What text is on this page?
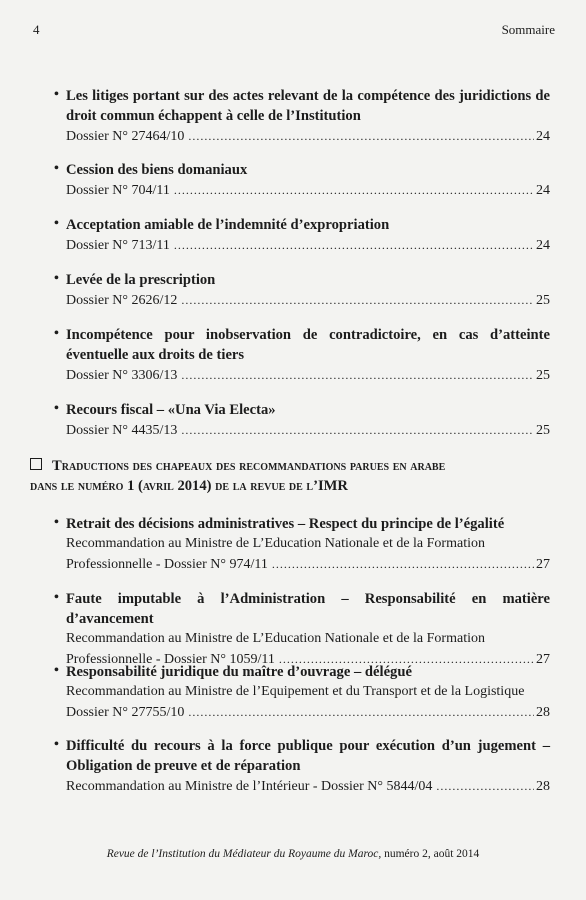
4	Sommaire
• Les litiges portant sur des actes relevant de la compétence des juridictions de droit commun échappent à celle de l’Institution
Dossier N° 27464/10 .....	24
• Cession des biens domaniaux
Dossier N° 704/11 .....	24
• Acceptation amiable de l’indemnité d’expropriation
Dossier N° 713/11 .....	24
• Levée de la prescription
Dossier N° 2626/12 .....	25
• Incompétence pour inobservation de contradictoire, en cas d’atteinte éventuelle aux droits de tiers
Dossier N° 3306/13 .....	25
• Recours fiscal – «Una Via Electa»
Dossier N° 4435/13 .....	25
Traductions des chapeaux des recommandations parues en arabe
dans le numéro 1 (avril 2014) de la revue de l’IMR
• Retrait des décisions administratives – Respect du principe de l’égalité
Recommandation au Ministre de L’Education Nationale et de la Formation
Professionnelle - Dossier N° 974/11 .....	27
• Faute imputable à l’Administration – Responsabilité en matière d’avancement
Recommandation au Ministre de L’Education Nationale et de la Formation
Professionnelle - Dossier N° 1059/11 .....	27
• Responsabilité juridique du maître d’ouvrage – délégué
Recommandation au Ministre de l’Equipement et du Transport et de la Logistique
Dossier N° 27755/10 .....	28
• Difficulté du recours à la force publique pour exécution d’un jugement – Obligation de preuve et de réparation
Recommandation au Ministre de l’Intérieur - Dossier N° 5844/04 .....	28
Revue de l’Institution du Médiateur du Royaume du Maroc, numéro 2, août 2014
